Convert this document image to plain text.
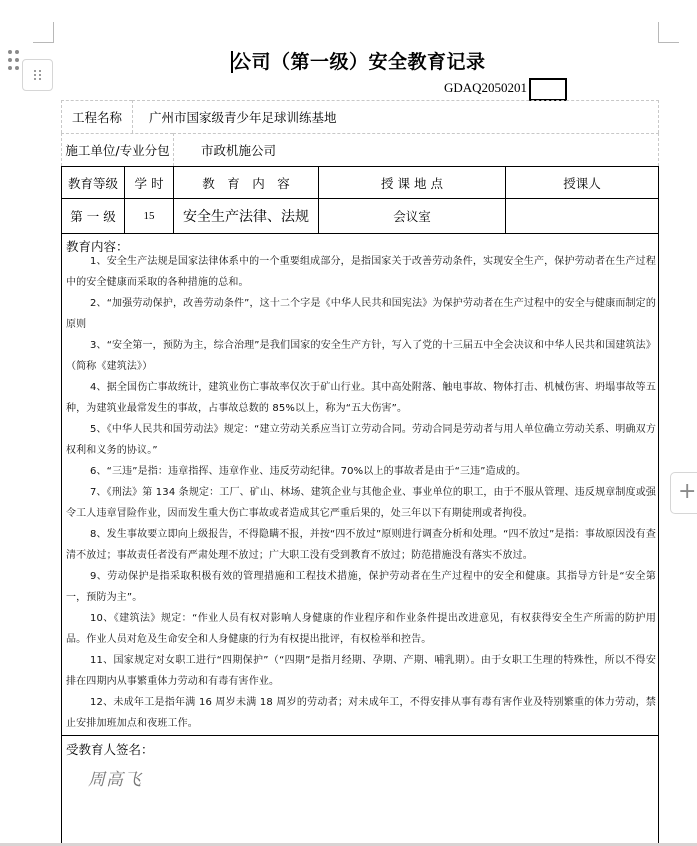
+
公司（第一级）安全教育记录
GDAQ2050201
工程名称	广州市国家级青少年足球训练基地
施工单位/专业分包	市政机施公司
教育等级	学 时	教　育　内　容	授 课 地 点	授课人
第 一 级	15	安全生产法律、法规	会议室
教育内容：
1、安全生产法规是国家法律体系中的一个重要组成部分，是指国家关于改善劳动条件，实现安全生产，保护劳动者在生产过程中的安全健康而采取的各种措施的总和。
2、“加强劳动保护，改善劳动条件”，这十二个字是《中华人民共和国宪法》为保护劳动者在生产过程中的安全与健康而制定的原则
3、“安全第一，预防为主，综合治理”是我们国家的安全生产方针，写入了党的十三届五中全会决议和中华人民共和国建筑法》（简称《建筑法》）
4、据全国伤亡事故统计，建筑业伤亡事故率仅次于矿山行业。其中高处附落、触电事故、物体打击、机械伤害、坍塌事故等五种，为建筑业最常发生的事故，占事故总数的 85%以上，称为“五大伤害”。
5、《中华人民共和国劳动法》规定：“建立劳动关系应当订立劳动合同。劳动合同是劳动者与用人单位确立劳动关系、明确双方权利和义务的协议。”
6、“三违”是指：违章指挥、违章作业、违反劳动纪律。70%以上的事故者是由于“三违”造成的。
7、《刑法》第 134 条规定：工厂、矿山、林场、建筑企业与其他企业、事业单位的职工，由于不服从管理、违反规章制度或强令工人违章冒险作业，因而发生重大伤亡事故或者造成其它严重后果的，处三年以下有期徒刑或者拘役。
8、发生事故要立即向上级报告，不得隐瞒不报，并按“四不放过”原则进行调查分析和处理。“四不放过”是指：事故原因没有查清不放过；事故责任者没有严肃处理不放过；广大职工没有受到教育不放过；防范措施没有落实不放过。
9、劳动保护是指采取积极有效的管理措施和工程技术措施，保护劳动者在生产过程中的安全和健康。其指导方针是“安全第一，预防为主”。
10、《建筑法》规定：“作业人员有权对影响人身健康的作业程序和作业条件提出改进意见，有权获得安全生产所需的防护用品。作业人员对危及生命安全和人身健康的行为有权提出批评，有权检举和控告。
11、国家规定对女职工进行“四期保护”（“四期”是指月经期、孕期、产期、哺乳期）。由于女职工生理的特殊性，所以不得安排在四期内从事繁重体力劳动和有毒有害作业。
12、未成年工是指年满 16 周岁未满 18 周岁的劳动者；对未成年工，不得安排从事有毒有害作业及特别繁重的体力劳动，禁止安排加班加点和夜班工作。
受教育人签名：
周高飞
